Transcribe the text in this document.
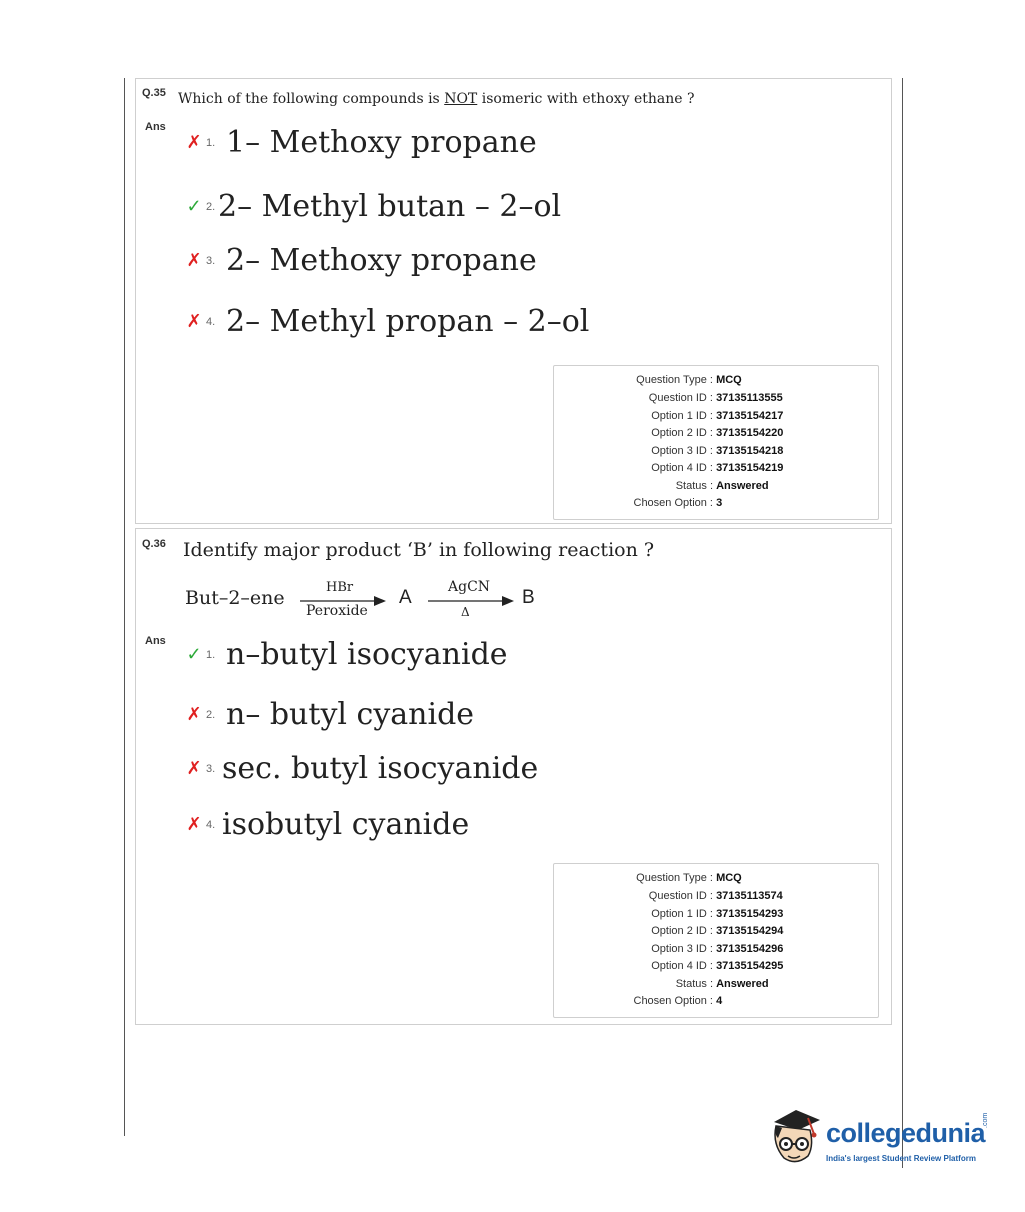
Q.35 Which of the following compounds is NOT isomeric with ethoxy ethane ?
Ans
✗ 1. 1– Methoxy propane
✓ 2. 2– Methyl butan – 2–ol
✗ 3. 2– Methoxy propane
✗ 4. 2– Methyl propan – 2–ol
Question Type : MCQ
Question ID : 37135113555
Option 1 ID : 37135154217
Option 2 ID : 37135154220
Option 3 ID : 37135154218
Option 4 ID : 37135154219
Status : Answered
Chosen Option : 3
Q.36 Identify major product ‘B’ in following reaction ?
But–2–ene	HBr
Peroxide
A	AgCN
Δ
B
Ans
✓ 1. n–butyl isocyanide
✗ 2. n– butyl cyanide
✗ 3. sec. butyl isocyanide
✗ 4. isobutyl cyanide
Question Type : MCQ
Question ID : 37135113574
Option 1 ID : 37135154293
Option 2 ID : 37135154294
Option 3 ID : 37135154296
Option 4 ID : 37135154295
Status : Answered
Chosen Option : 4
collegedunia
.com
India's largest Student Review Platform
